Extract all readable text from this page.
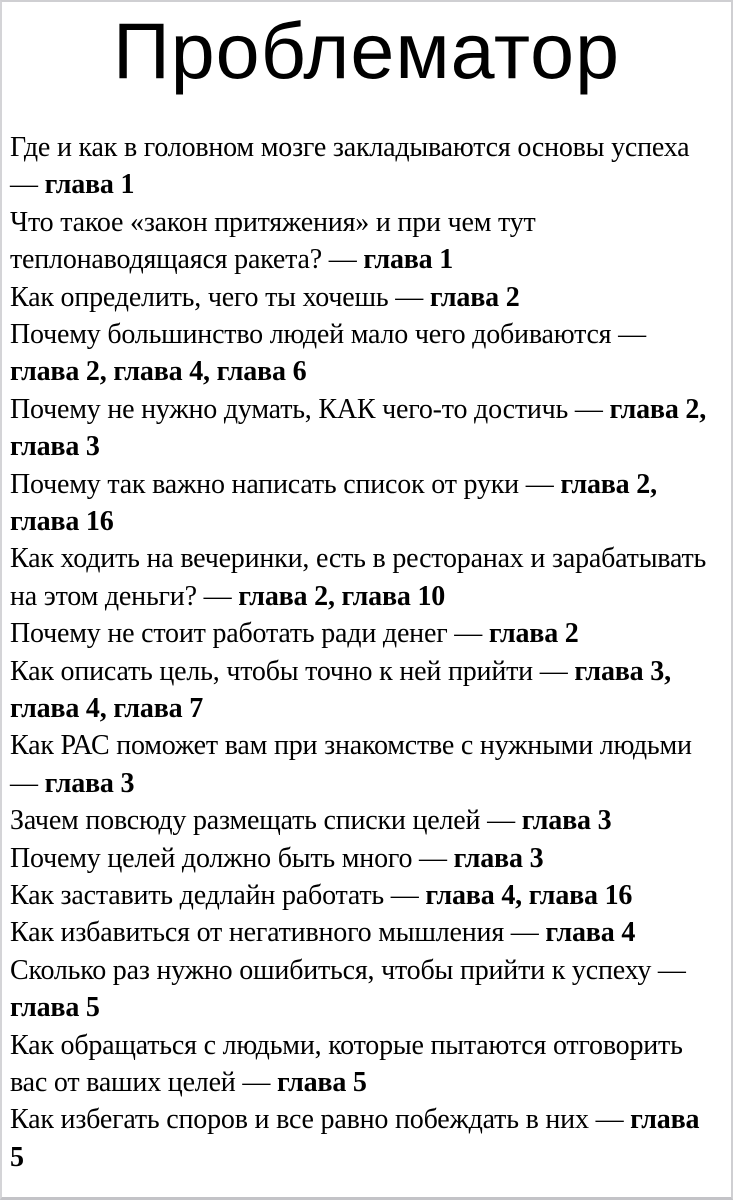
Проблематор

Где и как в головном мозге закладываются основы успеха — глава 1

Что такое «закон притяжения» и при чем тут теплонаводящаяся ракета? — глава 1

Как определить, чего ты хочешь — глава 2

Почему большинство людей мало чего добиваются — глава 2, глава 4, глава 6

Почему не нужно думать, КАК чего-то достичь — глава 2, глава 3

Почему так важно написать список от руки — глава 2, глава 16

Как ходить на вечеринки, есть в ресторанах и зарабатывать на этом деньги? — глава 2, глава 10

Почему не стоит работать ради денег — глава 2

Как описать цель, чтобы точно к ней прийти — глава 3, глава 4, глава 7

Как РАС поможет вам при знакомстве с нужными людьми — глава 3

Зачем повсюду размещать списки целей — глава 3

Почему целей должно быть много — глава 3

Как заставить дедлайн работать — глава 4, глава 16

Как избавиться от негативного мышления — глава 4

Сколько раз нужно ошибиться, чтобы прийти к успеху — глава 5

Как обращаться с людьми, которые пытаются отговорить вас от ваших целей — глава 5

Как избегать споров и все равно побеждать в них — глава 5
